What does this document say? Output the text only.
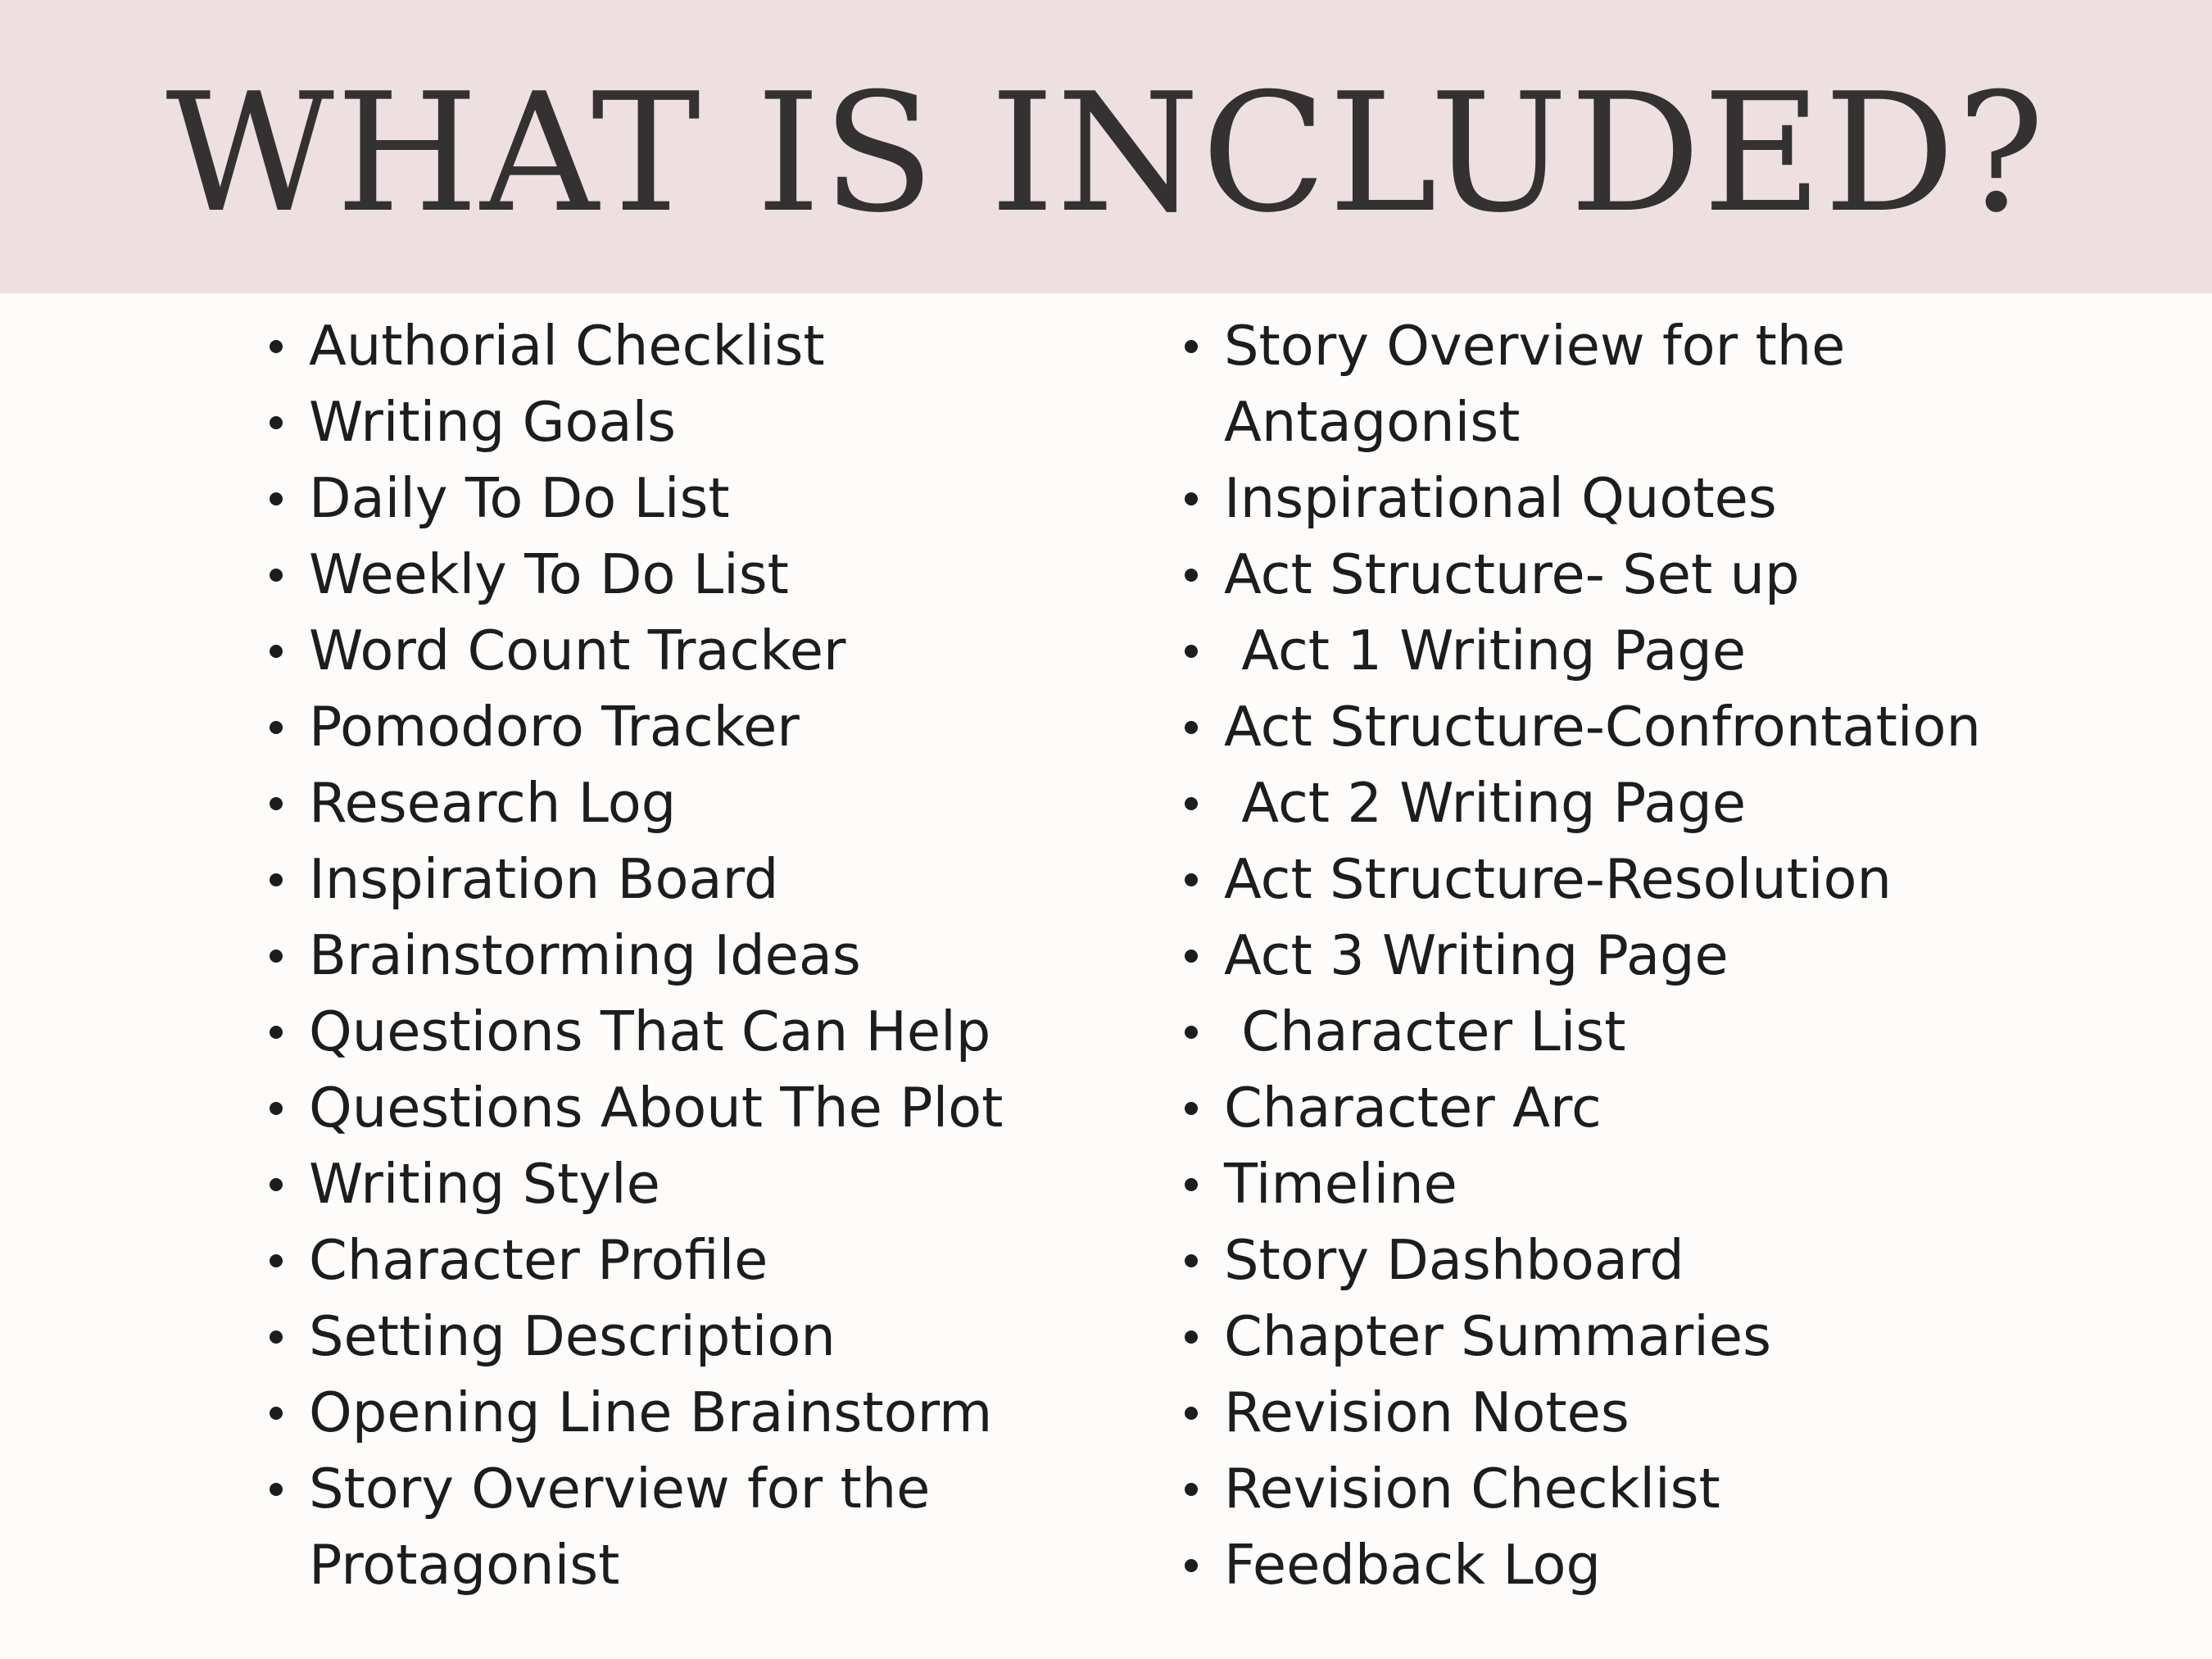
WHAT IS INCLUDED?
Authorial Checklist
Writing Goals
Daily To Do List
Weekly To Do List
Word Count Tracker
Pomodoro Tracker
Research Log
Inspiration Board
Brainstorming Ideas
Questions That Can Help
Questions About The Plot
Writing Style
Character Profile
Setting Description
Opening Line Brainstorm
Story Overview for the
Protagonist
Story Overview for the
Antagonist
Inspirational Quotes
Act Structure- Set up
Act 1 Writing Page
Act Structure-Confrontation
Act 2 Writing Page
Act Structure-Resolution
Act 3 Writing Page
Character List
Character Arc
Timeline
Story Dashboard
Chapter Summaries
Revision Notes
Revision Checklist
Feedback Log
